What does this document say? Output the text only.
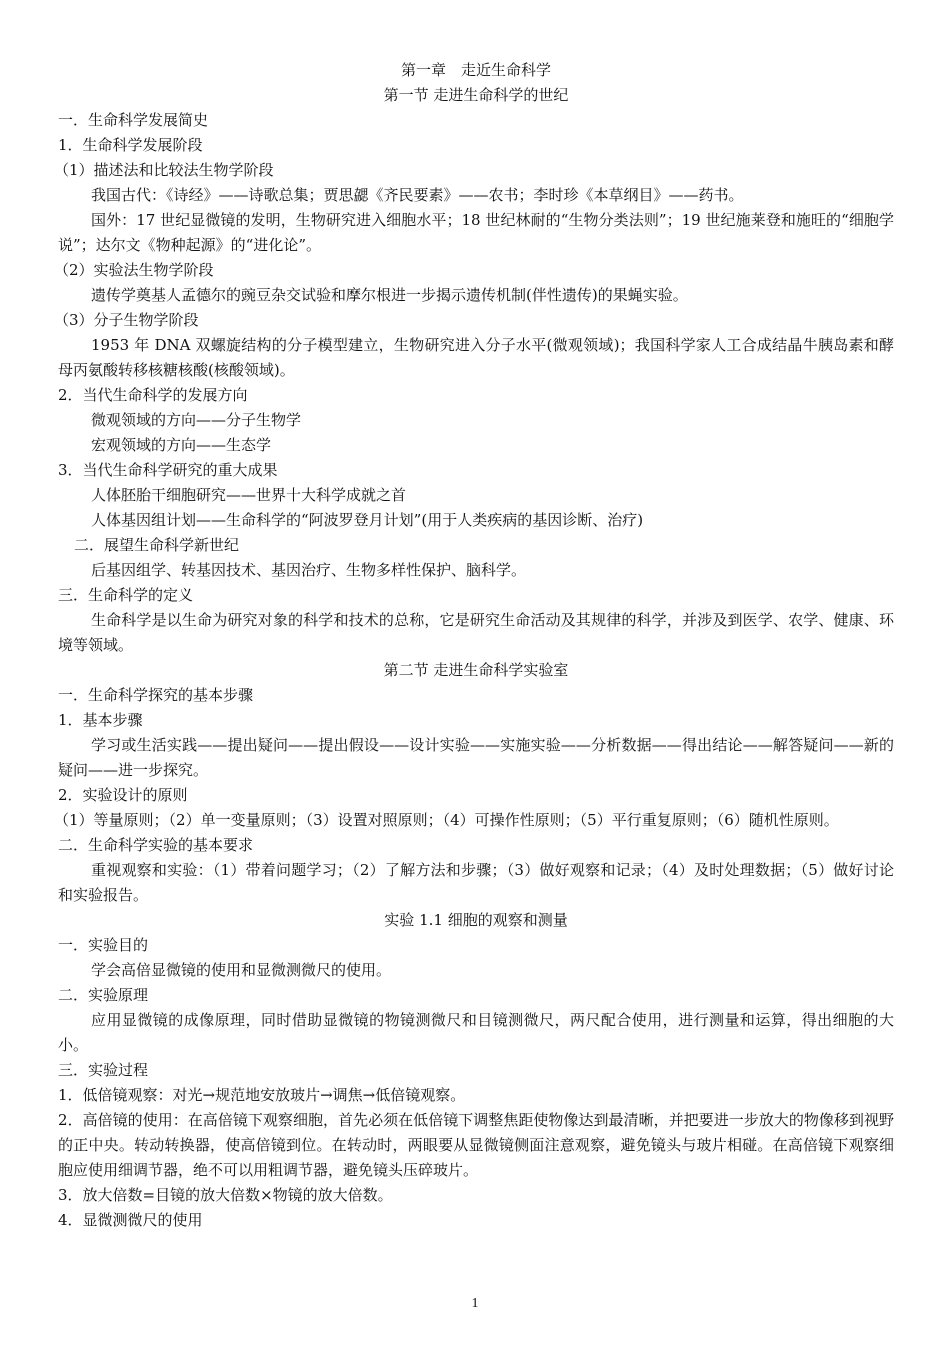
第一章　走近生命科学
第一节 走进生命科学的世纪
一．生命科学发展简史
1．生命科学发展阶段
（1）描述法和比较法生物学阶段
我国古代：《诗经》——诗歌总集；贾思勰《齐民要素》——农书；李时珍《本草纲目》——药书。
国外：17 世纪显微镜的发明，生物研究进入细胞水平；18 世纪林耐的“生物分类法则”；19 世纪施莱登和施旺的“细胞学说”；达尔文《物种起源》的“进化论”。
（2）实验法生物学阶段
遗传学奠基人孟德尔的豌豆杂交试验和摩尔根进一步揭示遗传机制(伴性遗传)的果蝇实验。
（3）分子生物学阶段
1953 年 DNA 双螺旋结构的分子模型建立，生物研究进入分子水平(微观领域)；我国科学家人工合成结晶牛胰岛素和酵母丙氨酸转移核糖核酸(核酸领域)。
2．当代生命科学的发展方向
微观领域的方向——分子生物学
宏观领域的方向——生态学
3．当代生命科学研究的重大成果
人体胚胎干细胞研究——世界十大科学成就之首
人体基因组计划——生命科学的“阿波罗登月计划”(用于人类疾病的基因诊断、治疗)
二．展望生命科学新世纪
后基因组学、转基因技术、基因治疗、生物多样性保护、脑科学。
三．生命科学的定义
生命科学是以生命为研究对象的科学和技术的总称，它是研究生命活动及其规律的科学，并涉及到医学、农学、健康、环境等领域。
第二节 走进生命科学实验室
一．生命科学探究的基本步骤
1．基本步骤
学习或生活实践——提出疑问——提出假设——设计实验——实施实验——分析数据——得出结论——解答疑问——新的疑问——进一步探究。
2．实验设计的原则
（1）等量原则；（2）单一变量原则；（3）设置对照原则；（4）可操作性原则；（5）平行重复原则；（6）随机性原则。
二．生命科学实验的基本要求
重视观察和实验：（1）带着问题学习；（2）了解方法和步骤；（3）做好观察和记录；（4）及时处理数据；（5）做好讨论和实验报告。
实验 1.1 细胞的观察和测量
一．实验目的
学会高倍显微镜的使用和显微测微尺的使用。
二．实验原理
应用显微镜的成像原理，同时借助显微镜的物镜测微尺和目镜测微尺，两尺配合使用，进行测量和运算，得出细胞的大小。
三．实验过程
1．低倍镜观察：对光→规范地安放玻片→调焦→低倍镜观察。
2．高倍镜的使用：在高倍镜下观察细胞，首先必须在低倍镜下调整焦距使物像达到最清晰，并把要进一步放大的物像移到视野的正中央。转动转换器，使高倍镜到位。在转动时，两眼要从显微镜侧面注意观察，避免镜头与玻片相碰。在高倍镜下观察细胞应使用细调节器，绝不可以用粗调节器，避免镜头压碎玻片。
3．放大倍数=目镜的放大倍数×物镜的放大倍数。
4．显微测微尺的使用
1
